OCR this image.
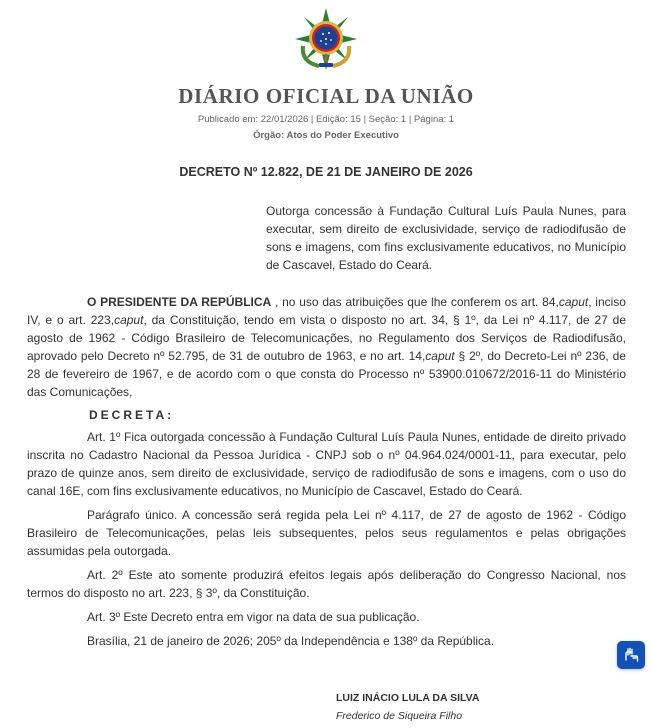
DIÁRIO OFICIAL DA UNIÃO
Publicado em: 22/01/2026 | Edição: 15 | Seção: 1 | Página: 1
Órgão: Atos do Poder Executivo
DECRETO Nº 12.822, DE 21 DE JANEIRO DE 2026
Outorga concessão à Fundação Cultural Luís Paula Nunes, para executar, sem direito de exclusividade, serviço de radiodifusão de sons e imagens, com fins exclusivamente educativos, no Município de Cascavel, Estado do Ceará.

O PRESIDENTE DA REPÚBLICA , no uso das atribuições que lhe conferem os art. 84,caput, inciso IV, e o art. 223,caput, da Constituição, tendo em vista o disposto no art. 34, § 1º, da Lei nº 4.117, de 27 de agosto de 1962 - Código Brasileiro de Telecomunicações, no Regulamento dos Serviços de Radiodifusão, aprovado pelo Decreto nº 52.795, de 31 de outubro de 1963, e no art. 14,caput § 2º, do Decreto-Lei nº 236, de 28 de fevereiro de 1967, e de acordo com o que consta do Processo nº 53900.010672/2016-11 do Ministério das Comunicações,

DECRETA:

Art. 1º Fica outorgada concessão à Fundação Cultural Luís Paula Nunes, entidade de direito privado inscrita no Cadastro Nacional da Pessoa Jurídica - CNPJ sob o nº 04.964.024/0001-11, para executar, pelo prazo de quinze anos, sem direito de exclusividade, serviço de radiodifusão de sons e imagens, com o uso do canal 16E, com fins exclusivamente educativos, no Município de Cascavel, Estado do Ceará.

Parágrafo único. A concessão será regida pela Lei nº 4.117, de 27 de agosto de 1962 - Código Brasileiro de Telecomunicações, pelas leis subsequentes, pelos seus regulamentos e pelas obrigações assumidas pela outorgada.

Art. 2º Este ato somente produzirá efeitos legais após deliberação do Congresso Nacional, nos termos do disposto no art. 223, § 3º, da Constituição.

Art. 3º Este Decreto entra em vigor na data de sua publicação.

Brasília, 21 de janeiro de 2026; 205º da Independência e 138º da República.

LUIZ INÁCIO LULA DA SILVA
Frederico de Siqueira Filho
